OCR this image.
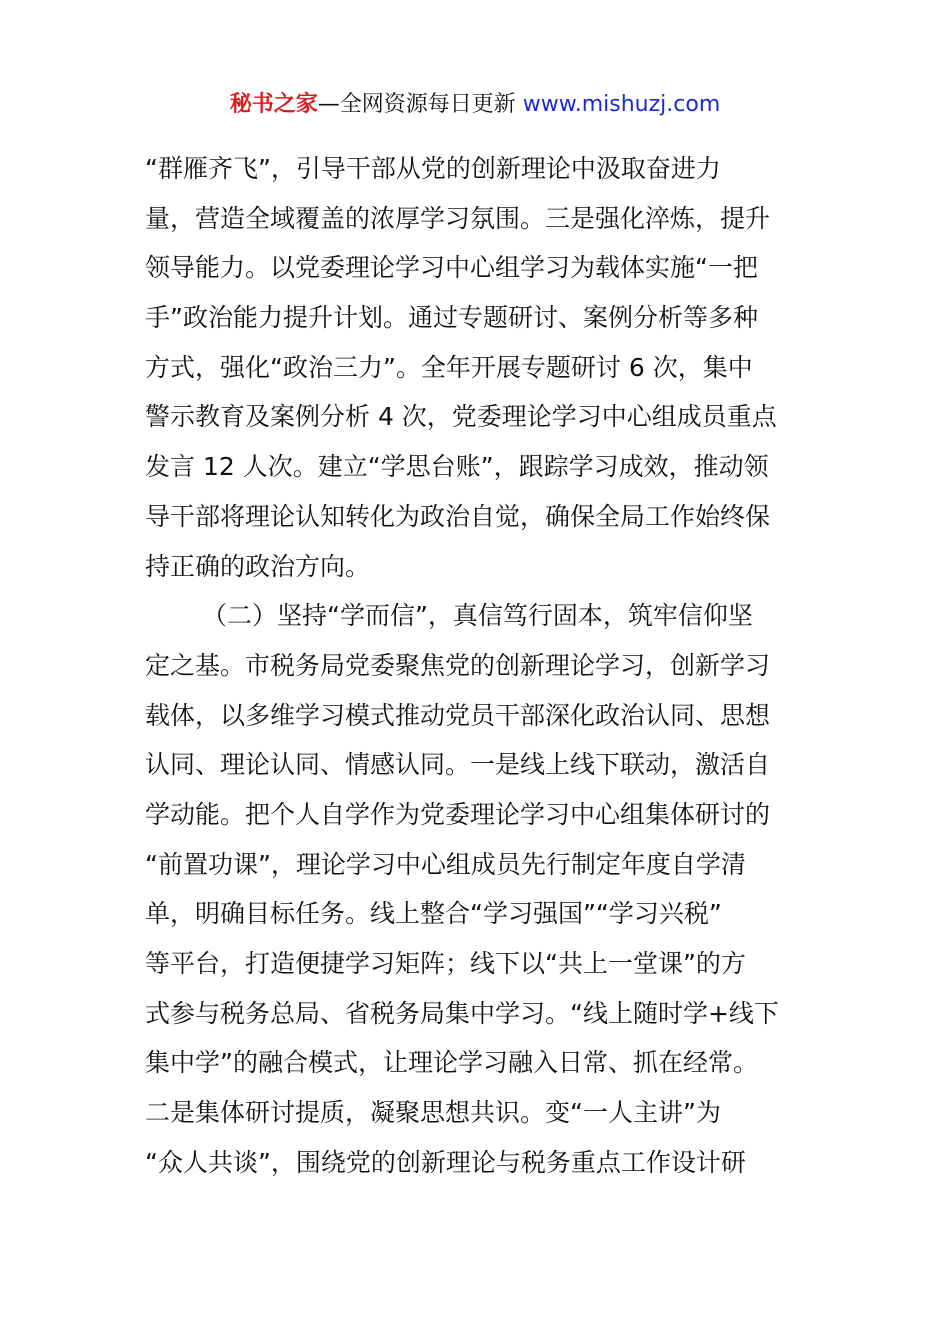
秘书之家—全网资源每日更新 www.mishuzj.com
“群雁齐飞”，引导干部从党的创新理论中汲取奋进力
量，营造全域覆盖的浓厚学习氛围。三是强化淬炼，提升
领导能力。以党委理论学习中心组学习为载体实施“一把
手”政治能力提升计划。通过专题研讨、案例分析等多种
方式，强化“政治三力”。全年开展专题研讨 6 次，集中
警示教育及案例分析 4 次，党委理论学习中心组成员重点
发言 12 人次。建立“学思台账”，跟踪学习成效，推动领
导干部将理论认知转化为政治自觉，确保全局工作始终保
持正确的政治方向。
（二）坚持“学而信”，真信笃行固本，筑牢信仰坚
定之基。市税务局党委聚焦党的创新理论学习，创新学习
载体，以多维学习模式推动党员干部深化政治认同、思想
认同、理论认同、情感认同。一是线上线下联动，激活自
学动能。把个人自学作为党委理论学习中心组集体研讨的
“前置功课”，理论学习中心组成员先行制定年度自学清
单，明确目标任务。线上整合“学习强国”“学习兴税”
等平台，打造便捷学习矩阵；线下以“共上一堂课”的方
式参与税务总局、省税务局集中学习。“线上随时学+线下
集中学”的融合模式，让理论学习融入日常、抓在经常。
二是集体研讨提质，凝聚思想共识。变“一人主讲”为
“众人共谈”，围绕党的创新理论与税务重点工作设计研
